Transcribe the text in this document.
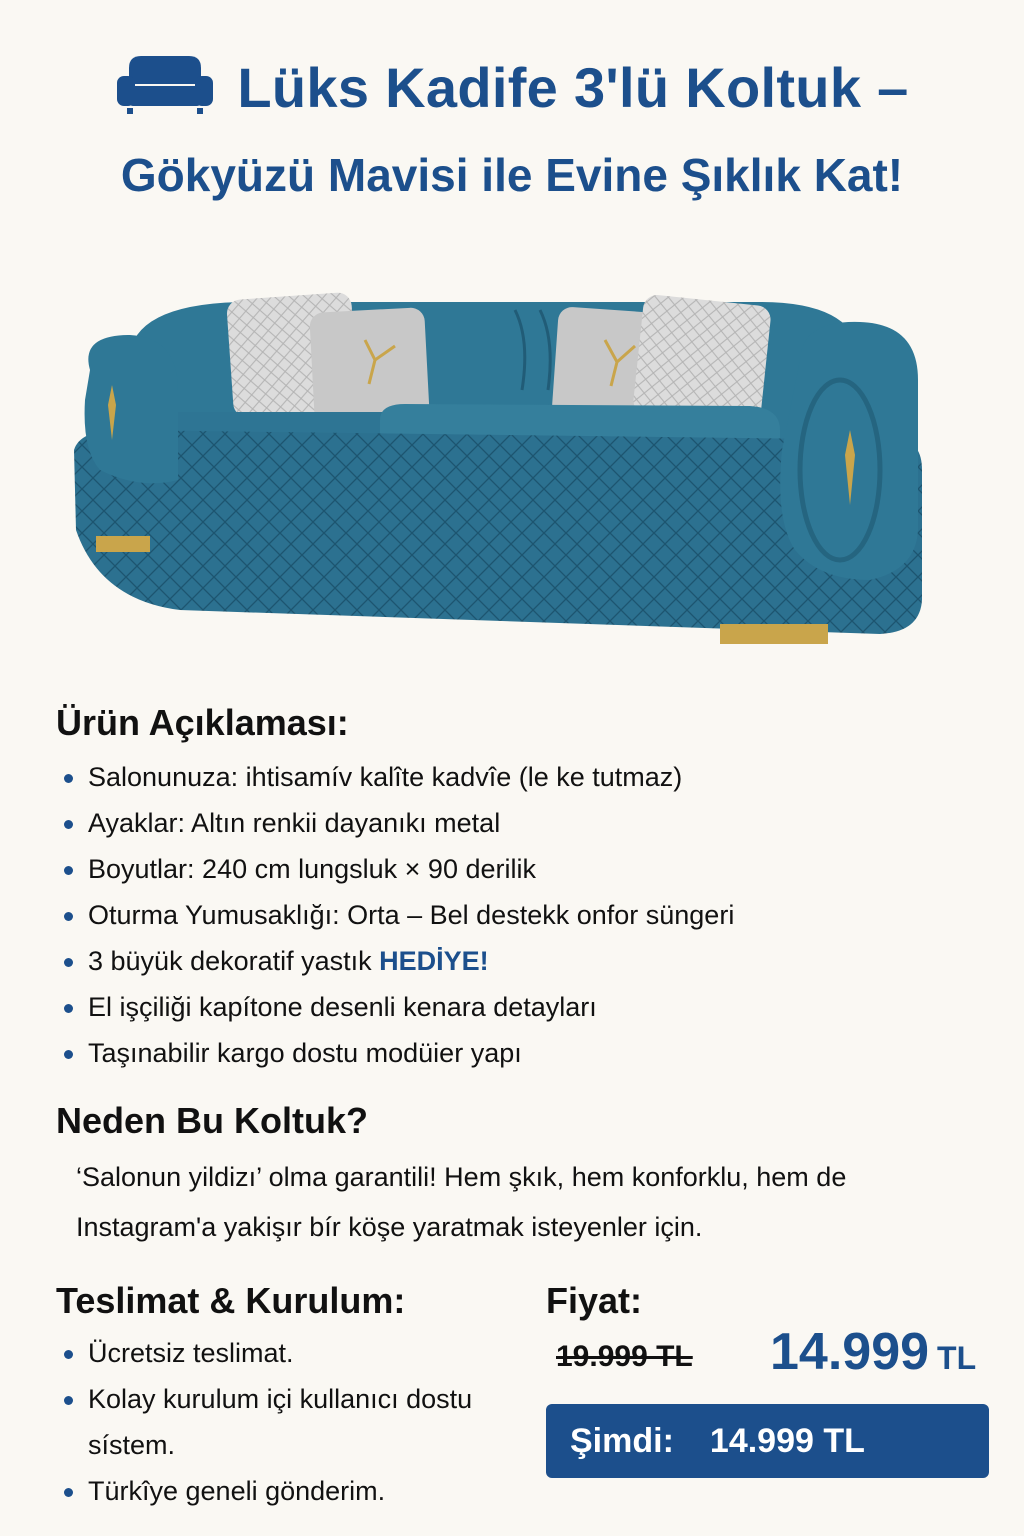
Lüks Kadife 3'lü Koltuk –
Gökyüzü Mavisi ile Evine Şıklık Kat!
Ürün Açıklaması:
Salonunuza: ihtisamív kalîte kadvîe (le ke tutmaz)
Ayaklar: Altın renkii dayanıkı metal
Boyutlar: 240 cm lungsluk × 90 derilik
Oturma Yumusaklığı: Orta – Bel destekk onfor süngeri
3 büyük dekoratif yastık HEDİYE!
El işçiliği kapítone desenli kenara detayları
Taşınabilir kargo dostu modüier yapı
Neden Bu Koltuk?
‘Salonun yildizı’ olma garantili! Hem şkık, hem konforklu, hem de Instagram'a yakişır bír köşe yaratmak isteyenler için.
Teslimat & Kurulum:
Ücretsiz teslimat.
Kolay kurulum içi kullanıcı dostu sístem.
Türkîye geneli gönderim.
Fiyat:
19.999 TL 14.999 TL
Şimdi: 14.999 TL
